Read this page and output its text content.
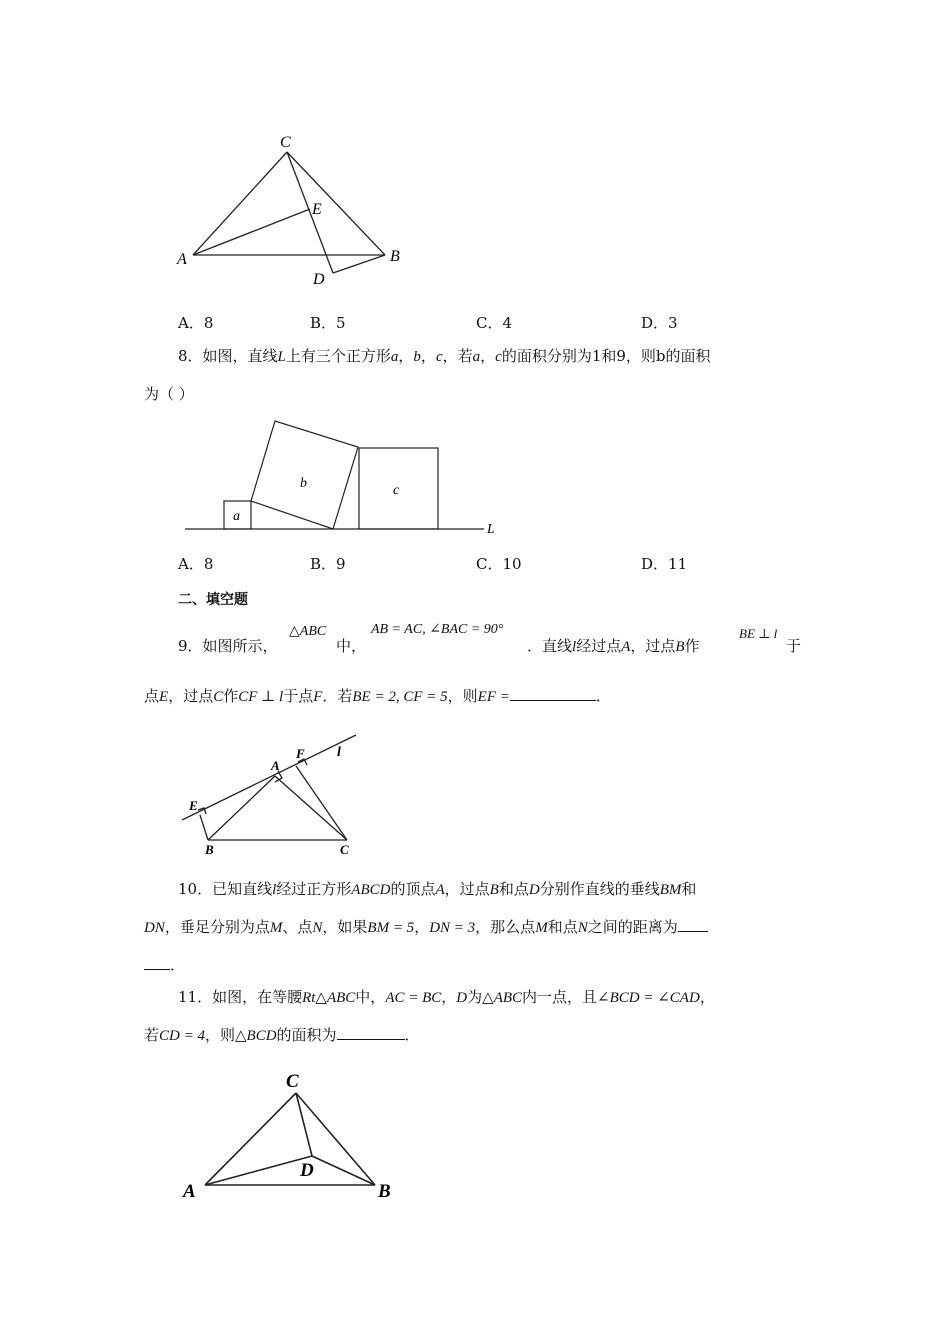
C
E
A	B
D
A．8	B．5	C．4	D．3
8．如图，直线L上有三个正方形a，b，c，若a，c的面积分别为1和9，则b的面积
为（ ）
a
b	c
L
A．8	B．9	C．10	D．11
二、填空题
9．如图所示，
△ABC
中，
AB = AC, ∠BAC = 90°
．直线l经过点A，过点B作
BE ⊥ l
于
点E，过点C作CF ⊥ l于点F．若BE = 2, CF = 5，则EF =	．
E
A
F l
B	C
10．已知直线l经过正方形ABCD的顶点A，过点B和点D分别作直线的垂线BM和
DN，垂足分别为点M、点N，如果BM = 5，DN = 3，那么点M和点N之间的距离为
．
11．如图，在等腰Rt△ABC中，AC = BC，D为△ABC内一点，且∠BCD = ∠CAD，
若CD = 4，则△BCD的面积为	．
C
D
A	B
